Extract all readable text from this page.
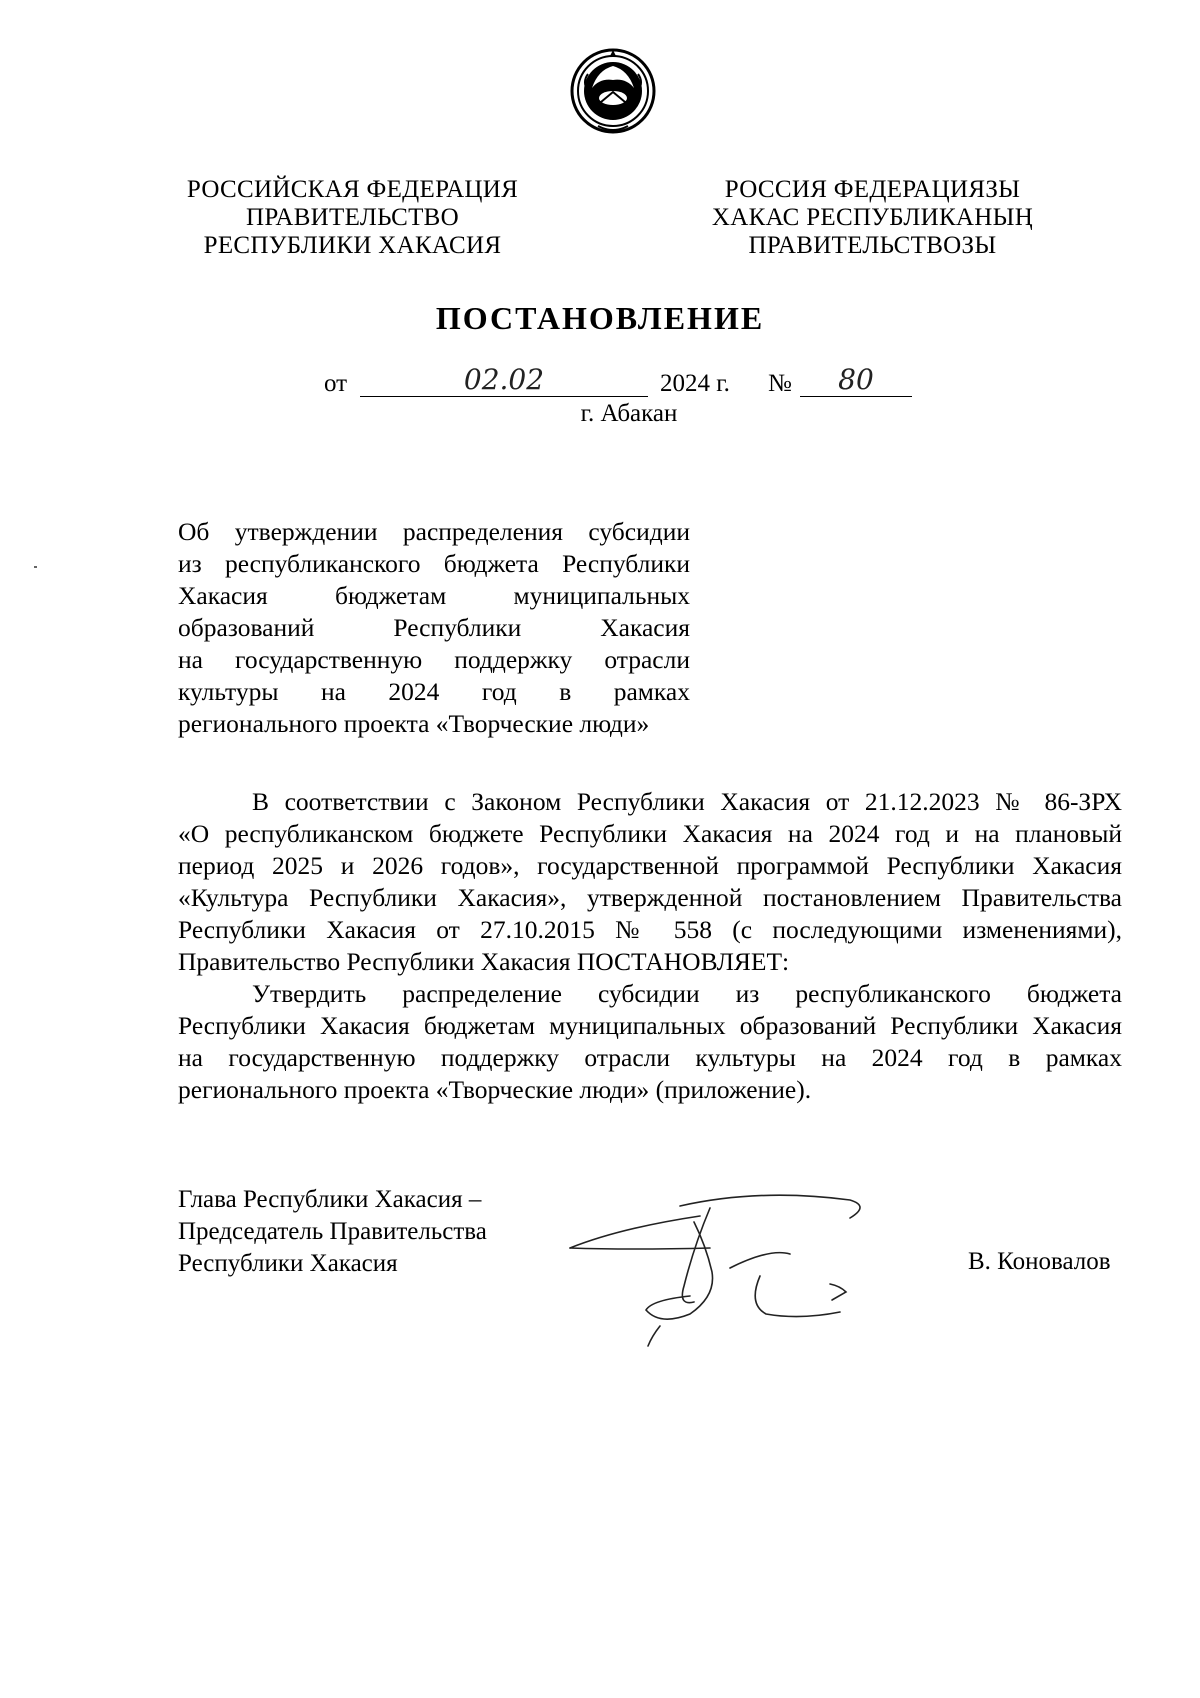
РОССИЙСКАЯ ФЕДЕРАЦИЯ
ПРАВИТЕЛЬСТВО
РЕСПУБЛИКИ ХАКАСИЯ
РОССИЯ ФЕДЕРАЦИЯЗЫ
ХАКАС РЕСПУБЛИКАНЫҢ
ПРАВИТЕЛЬСТВОЗЫ
ПОСТАНОВЛЕНИЕ
от	02.02	2024 г. №	80
г. Абакан
Об утверждении распределения субсидии
из республиканского бюджета Республики
Хакасия бюджетам муниципальных
образований Республики Хакасия
на государственную поддержку отрасли
культуры на 2024 год в рамках
регионального проекта «Творческие люди»
В соответствии с Законом Республики Хакасия от 21.12.2023 № 86-ЗРХ
«О республиканском бюджете Республики Хакасия на 2024 год и на плановый
период 2025 и 2026 годов», государственной программой Республики Хакасия
«Культура Республики Хакасия», утвержденной постановлением Правительства
Республики Хакасия от 27.10.2015 № 558 (с последующими изменениями),
Правительство Республики Хакасия ПОСТАНОВЛЯЕТ:
Утвердить распределение субсидии из республиканского бюджета
Республики Хакасия бюджетам муниципальных образований Республики Хакасия
на государственную поддержку отрасли культуры на 2024 год в рамках
регионального проекта «Творческие люди» (приложение).
Глава Республики Хакасия –
Председатель Правительства
Республики Хакасия	В. Коновалов
